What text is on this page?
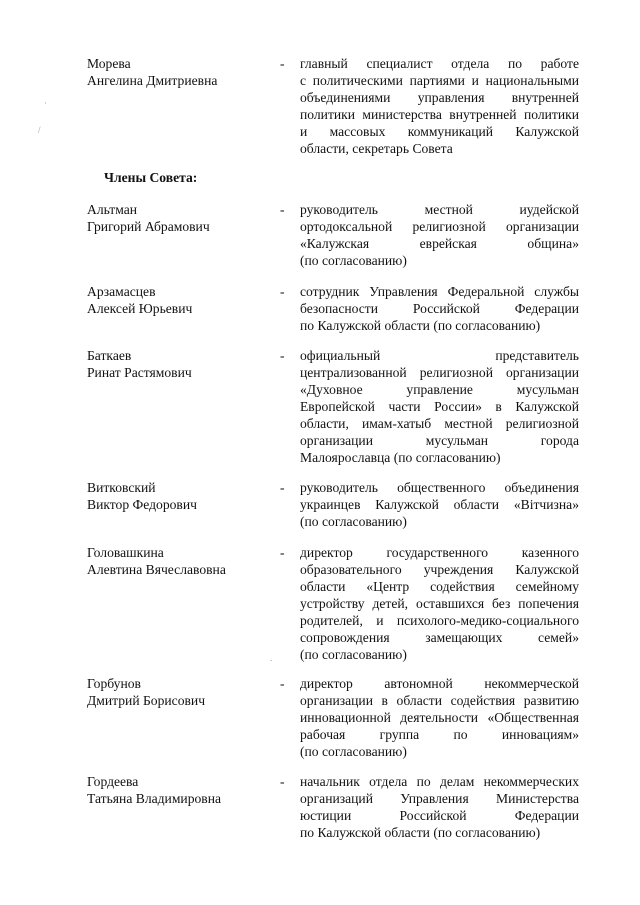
·
/
.
Морева
Ангелина Дмитриевна
- главный специалист отдела по работе
с политическими партиями и национальными
объединениями управления внутренней
политики министерства внутренней политики
и массовых коммуникаций Калужской
области, секретарь Совета
Члены Совета:
Альтман
Григорий Абрамович
- руководитель местной иудейской
ортодоксальной религиозной организации
«Калужская еврейская община»
(по согласованию)
Арзамасцев
Алексей Юрьевич
- сотрудник Управления Федеральной службы
безопасности Российской Федерации
по Калужской области (по согласованию)
Баткаев
Ринат Растямович
- официальный представитель
централизованной религиозной организации
«Духовное управление мусульман
Европейской части России» в Калужской
области, имам-хатыб местной религиозной
организации мусульман города
Малоярославца (по согласованию)
Витковский
Виктор Федорович
- руководитель общественного объединения
украинцев Калужской области «Вітчизна»
(по согласованию)
Головашкина
Алевтина Вячеславовна
- директор государственного казенного
образовательного учреждения Калужской
области «Центр содействия семейному
устройству детей, оставшихся без попечения
родителей, и психолого-медико-социального
сопровождения замещающих семей»
(по согласованию)
Горбунов
Дмитрий Борисович
- директор автономной некоммерческой
организации в области содействия развитию
инновационной деятельности «Общественная
рабочая группа по инновациям»
(по согласованию)
Гордеева
Татьяна Владимировна
- начальник отдела по делам некоммерческих
организаций Управления Министерства
юстиции Российской Федерации
по Калужской области (по согласованию)
